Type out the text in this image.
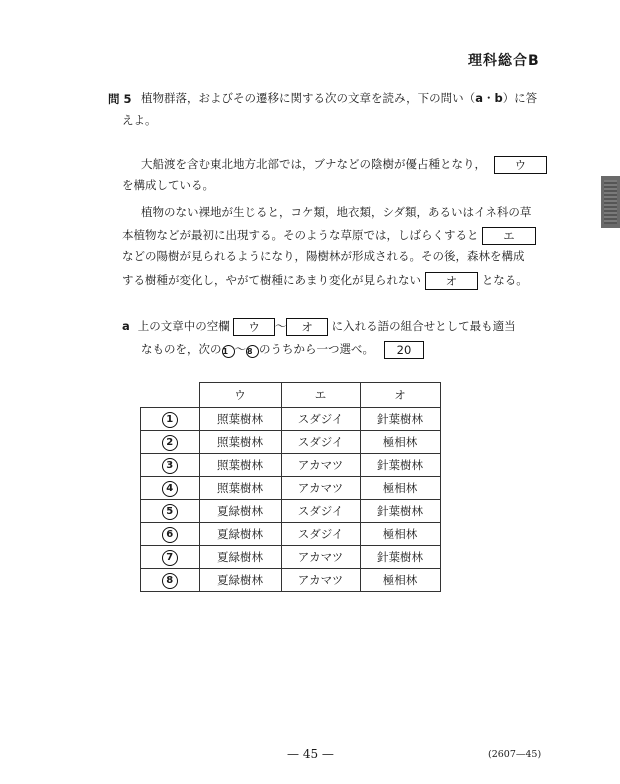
理科総合B
問 5 植物群落，およびその遷移に関する次の文章を読み，下の問い（a・b）に答
えよ。
大船渡を含む東北地方北部では，ブナなどの陰樹が優占種となり， ウ
を構成している。
植物のない裸地が生じると，コケ類，地衣類，シダ類，あるいはイネ科の草
本植物などが最初に出現する。そのような草原では，しばらくすると エ
などの陽樹が見られるようになり，陽樹林が形成される。その後，森林を構成
する樹種が変化し，やがて樹種にあまり変化が見られない オ となる。
a 上の文章中の空欄 ウ ～ オ に入れる語の組合せとして最も適当
なものを，次の1 ～8 のうちから一つ選べ。 20
	ウ	エ	オ
1	照葉樹林	スダジイ	針葉樹林
2	照葉樹林	スダジイ	極相林
3	照葉樹林	アカマツ	針葉樹林
4	照葉樹林	アカマツ	極相林
5	夏緑樹林	スダジイ	針葉樹林
6	夏緑樹林	スダジイ	極相林
7	夏緑樹林	アカマツ	針葉樹林
8	夏緑樹林	アカマツ	極相林
— 45 —	(2607—45)
